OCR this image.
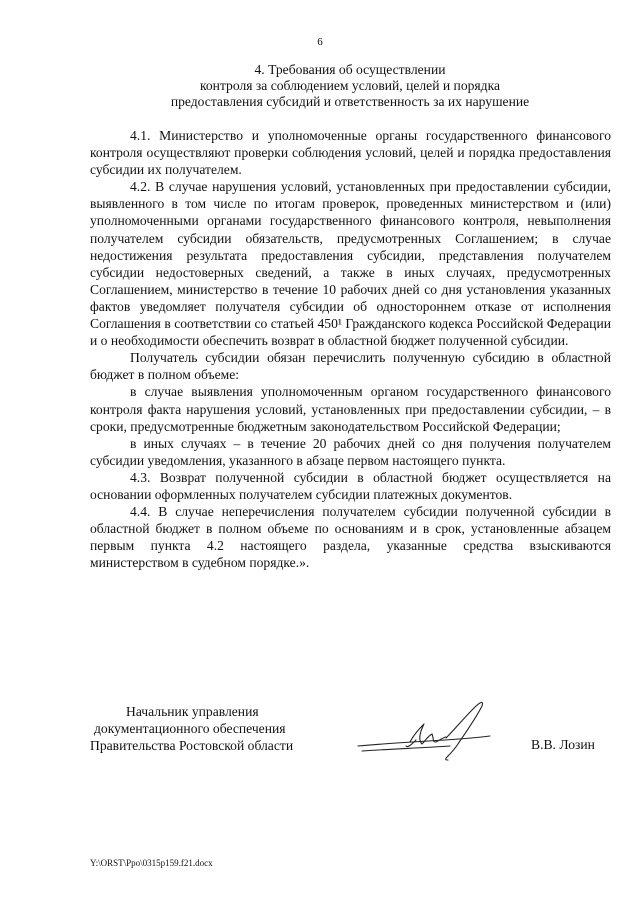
6
4. Требования об осуществлении
контроля за соблюдением условий, целей и порядка
предоставления субсидий и ответственность за их нарушение

4.1. Министерство и уполномоченные органы государственного финансового контроля осуществляют проверки соблюдения условий, целей и порядка предоставления субсидии их получателем.

4.2. В случае нарушения условий, установленных при предоставлении субсидии, выявленного в том числе по итогам проверок, проведенных министерством и (или) уполномоченными органами государственного финансового контроля, невыполнения получателем субсидии обязательств, предусмотренных Соглашением; в случае недостижения результата предоставления субсидии, представления получателем субсидии недостоверных сведений, а также в иных случаях, предусмотренных Соглашением, министерство в течение 10 рабочих дней со дня установления указанных фактов уведомляет получателя субсидии об одностороннем отказе от исполнения Соглашения в соответствии со статьей 450¹ Гражданского кодекса Российской Федерации и о необходимости обеспечить возврат в областной бюджет полученной субсидии.

Получатель субсидии обязан перечислить полученную субсидию в областной бюджет в полном объеме:

в случае выявления уполномоченным органом государственного финансового контроля факта нарушения условий, установленных при предоставлении субсидии, – в сроки, предусмотренные бюджетным законодательством Российской Федерации;

в иных случаях – в течение 20 рабочих дней со дня получения получателем субсидии уведомления, указанного в абзаце первом настоящего пункта.

4.3. Возврат полученной субсидии в областной бюджет осуществляется на основании оформленных получателем субсидии платежных документов.

4.4. В случае неперечисления получателем субсидии полученной субсидии в областной бюджет в полном объеме по основаниям и в срок, установленные абзацем первым пункта 4.2 настоящего раздела, указанные средства взыскиваются министерством в судебном порядке.».

Начальник управления
документационного обеспечения
Правительства Ростовской области	В.В. Лозин
Y:\ORST\Ppo\0315p159.f21.docx
